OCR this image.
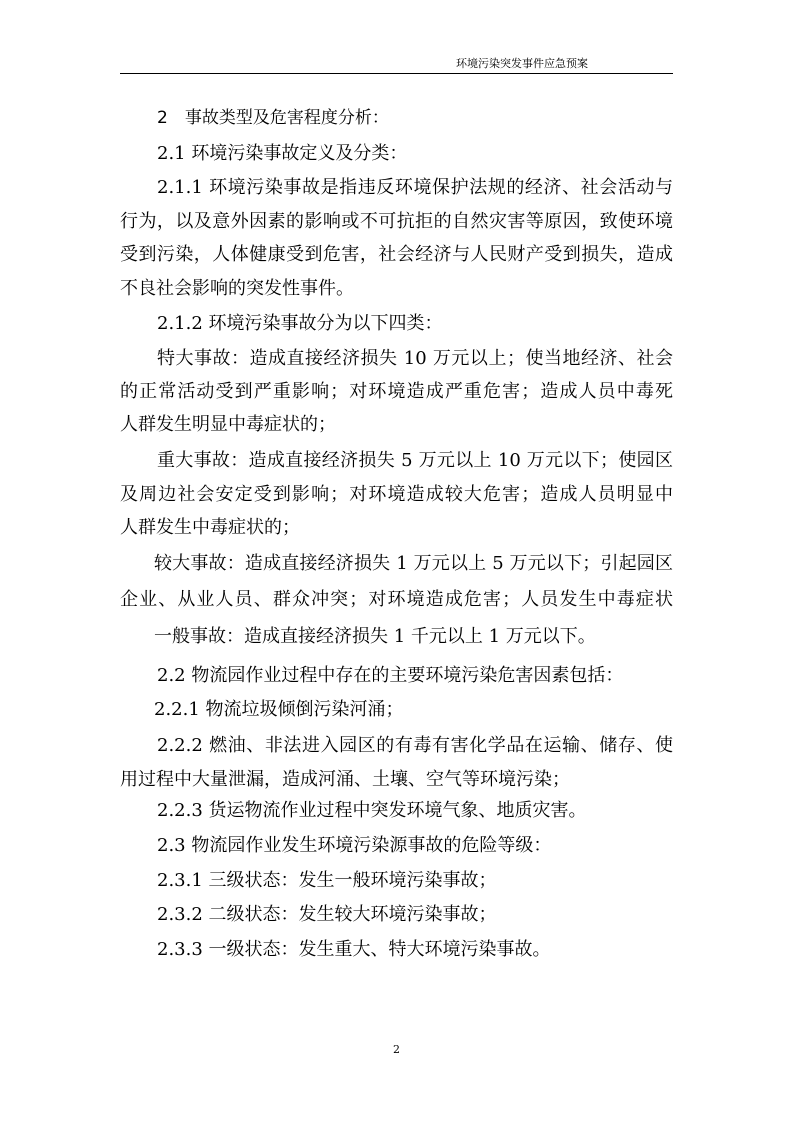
环境污染突发事件应急预案
2　事故类型及危害程度分析：
2.1 环境污染事故定义及分类：
2.1.1 环境污染事故是指违反环境保护法规的经济、社会活动与
行为，以及意外因素的影响或不可抗拒的自然灾害等原因，致使环境
受到污染，人体健康受到危害，社会经济与人民财产受到损失，造成
不良社会影响的突发性事件。
2.1.2 环境污染事故分为以下四类：
特大事故：造成直接经济损失 10 万元以上；使当地经济、社会
的正常活动受到严重影响；对环境造成严重危害；造成人员中毒死
人群发生明显中毒症状的；
重大事故：造成直接经济损失 5 万元以上 10 万元以下；使园区
及周边社会安定受到影响；对环境造成较大危害；造成人员明显中
人群发生中毒症状的；
较大事故：造成直接经济损失 1 万元以上 5 万元以下；引起园区
企业、从业人员、群众冲突；对环境造成危害；人员发生中毒症状
一般事故：造成直接经济损失 1 千元以上 1 万元以下。
2.2 物流园作业过程中存在的主要环境污染危害因素包括：
2.2.1 物流垃圾倾倒污染河涌；
2.2.2 燃油、非法进入园区的有毒有害化学品在运输、储存、使
用过程中大量泄漏，造成河涌、土壤、空气等环境污染；
2.2.3 货运物流作业过程中突发环境气象、地质灾害。
2.3 物流园作业发生环境污染源事故的危险等级：
2.3.1 三级状态：发生一般环境污染事故；
2.3.2 二级状态：发生较大环境污染事故；
2.3.3 一级状态：发生重大、特大环境污染事故。
2
